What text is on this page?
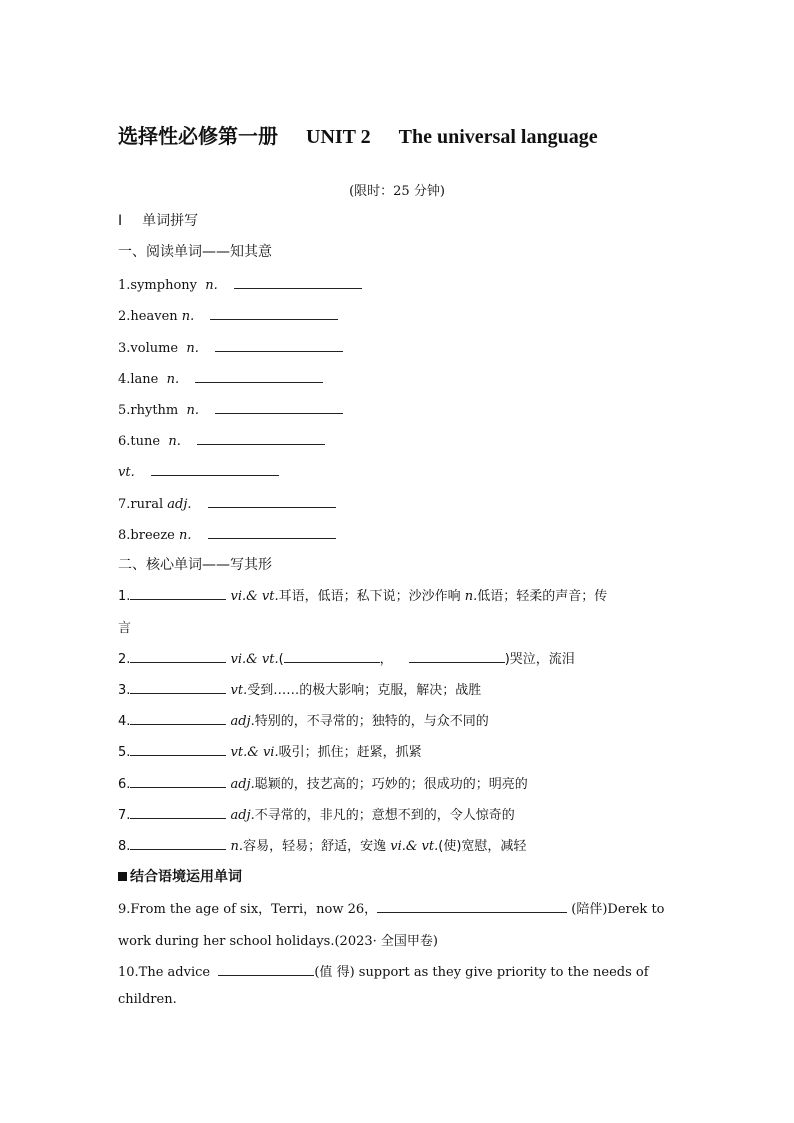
选择性必修第一册 UNIT 2 The universal language
(限时：25 分钟)
Ⅰ 单词拼写
一、阅读单词——知其意
1.symphony n.
2.heaven n.
3.volume n.
4.lane n.
5.rhythm n.
6.tune n.
vt.
7.rural adj.
8.breeze n.
二、核心单词——写其形
1.	vi.& vt.耳语，低语；私下说；沙沙作响 n.低语；轻柔的声音；传
言
2.	vi.& vt.(	，	)哭泣，流泪
3.	vt.受到……的极大影响；克服，解决；战胜
4.	adj.特别的，不寻常的；独特的，与众不同的
5.	vt.& vi.吸引；抓住；赶紧，抓紧
6.	adj.聪颖的，技艺高的；巧妙的；很成功的；明亮的
7.	adj.不寻常的，非凡的；意想不到的，令人惊奇的
8.	n.容易，轻易；舒适，安逸 vi.& vt.(使)宽慰，减轻
结合语境运用单词
9.From the age of six，Terri，now 26，	(陪伴)Derek to
work during her school holidays.(2023· 全国甲卷)
10.The advice	(值 得) support as they give priority to the needs of
children.
